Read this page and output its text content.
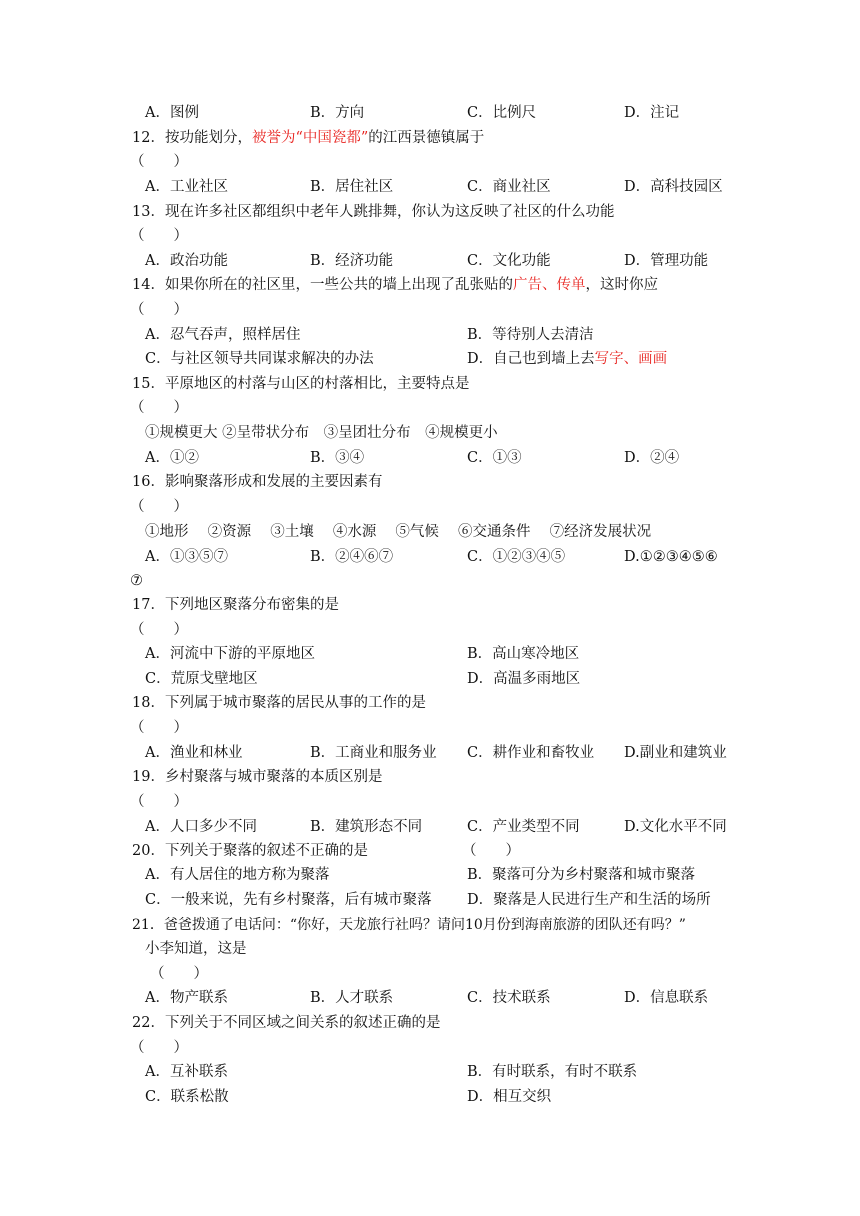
A．图例	B．方向	C．比例尺	D．注记
12．按功能划分，被誉为“中国瓷都”的江西景德镇属于
（　　）
A．工业社区	B．居住社区	C．商业社区	D．高科技园区
13．现在许多社区都组织中老年人跳排舞，你认为这反映了社区的什么功能
（　　）
A．政治功能	B．经济功能	C．文化功能	D．管理功能
14．如果你所在的社区里，一些公共的墙上出现了乱张贴的广告、传单，这时你应
（　　）
A．忍气吞声，照样居住	B．等待别人去清洁
C．与社区领导共同谋求解决的办法	D．自己也到墙上去写字、画画
15．平原地区的村落与山区的村落相比，主要特点是
（　　）
①规模更大 ②呈带状分布　③呈团壮分布　④规模更小
A．①②	B．③④	C．①③	D．②④
16．影响聚落形成和发展的主要因素有
（　　）
①地形　 ②资源　 ③土壤　 ④水源　 ⑤气候　 ⑥交通条件　 ⑦经济发展状况
A．①③⑤⑦	B．②④⑥⑦	C．①②③④⑤	D.①②③④⑤⑥
⑦
17．下列地区聚落分布密集的是
（　　）
A．河流中下游的平原地区	B．高山寒冷地区
C．荒原戈壁地区	D．高温多雨地区
18．下列属于城市聚落的居民从事的工作的是
（　　）
A．渔业和林业	B．工商业和服务业 C．耕作业和畜牧业 D.副业和建筑业
19．乡村聚落与城市聚落的本质区别是
（　　）
A．人口多少不同	B．建筑形态不同	C．产业类型不同	D.文化水平不同
20．下列关于聚落的叙述不正确的是	（　　）
A．有人居住的地方称为聚落	B．聚落可分为乡村聚落和城市聚落
C．一般来说，先有乡村聚落，后有城市聚落 D．聚落是人民进行生产和生活的场所
21．爸爸拨通了电话问：“你好，天龙旅行社吗？请问10月份到海南旅游的团队还有吗？”
小李知道，这是
（　　）
A．物产联系	B．人才联系	C．技术联系	D．信息联系
22．下列关于不同区域之间关系的叙述正确的是
（　　）
A．互补联系	B．有时联系，有时不联系
C．联系松散	D．相互交织
